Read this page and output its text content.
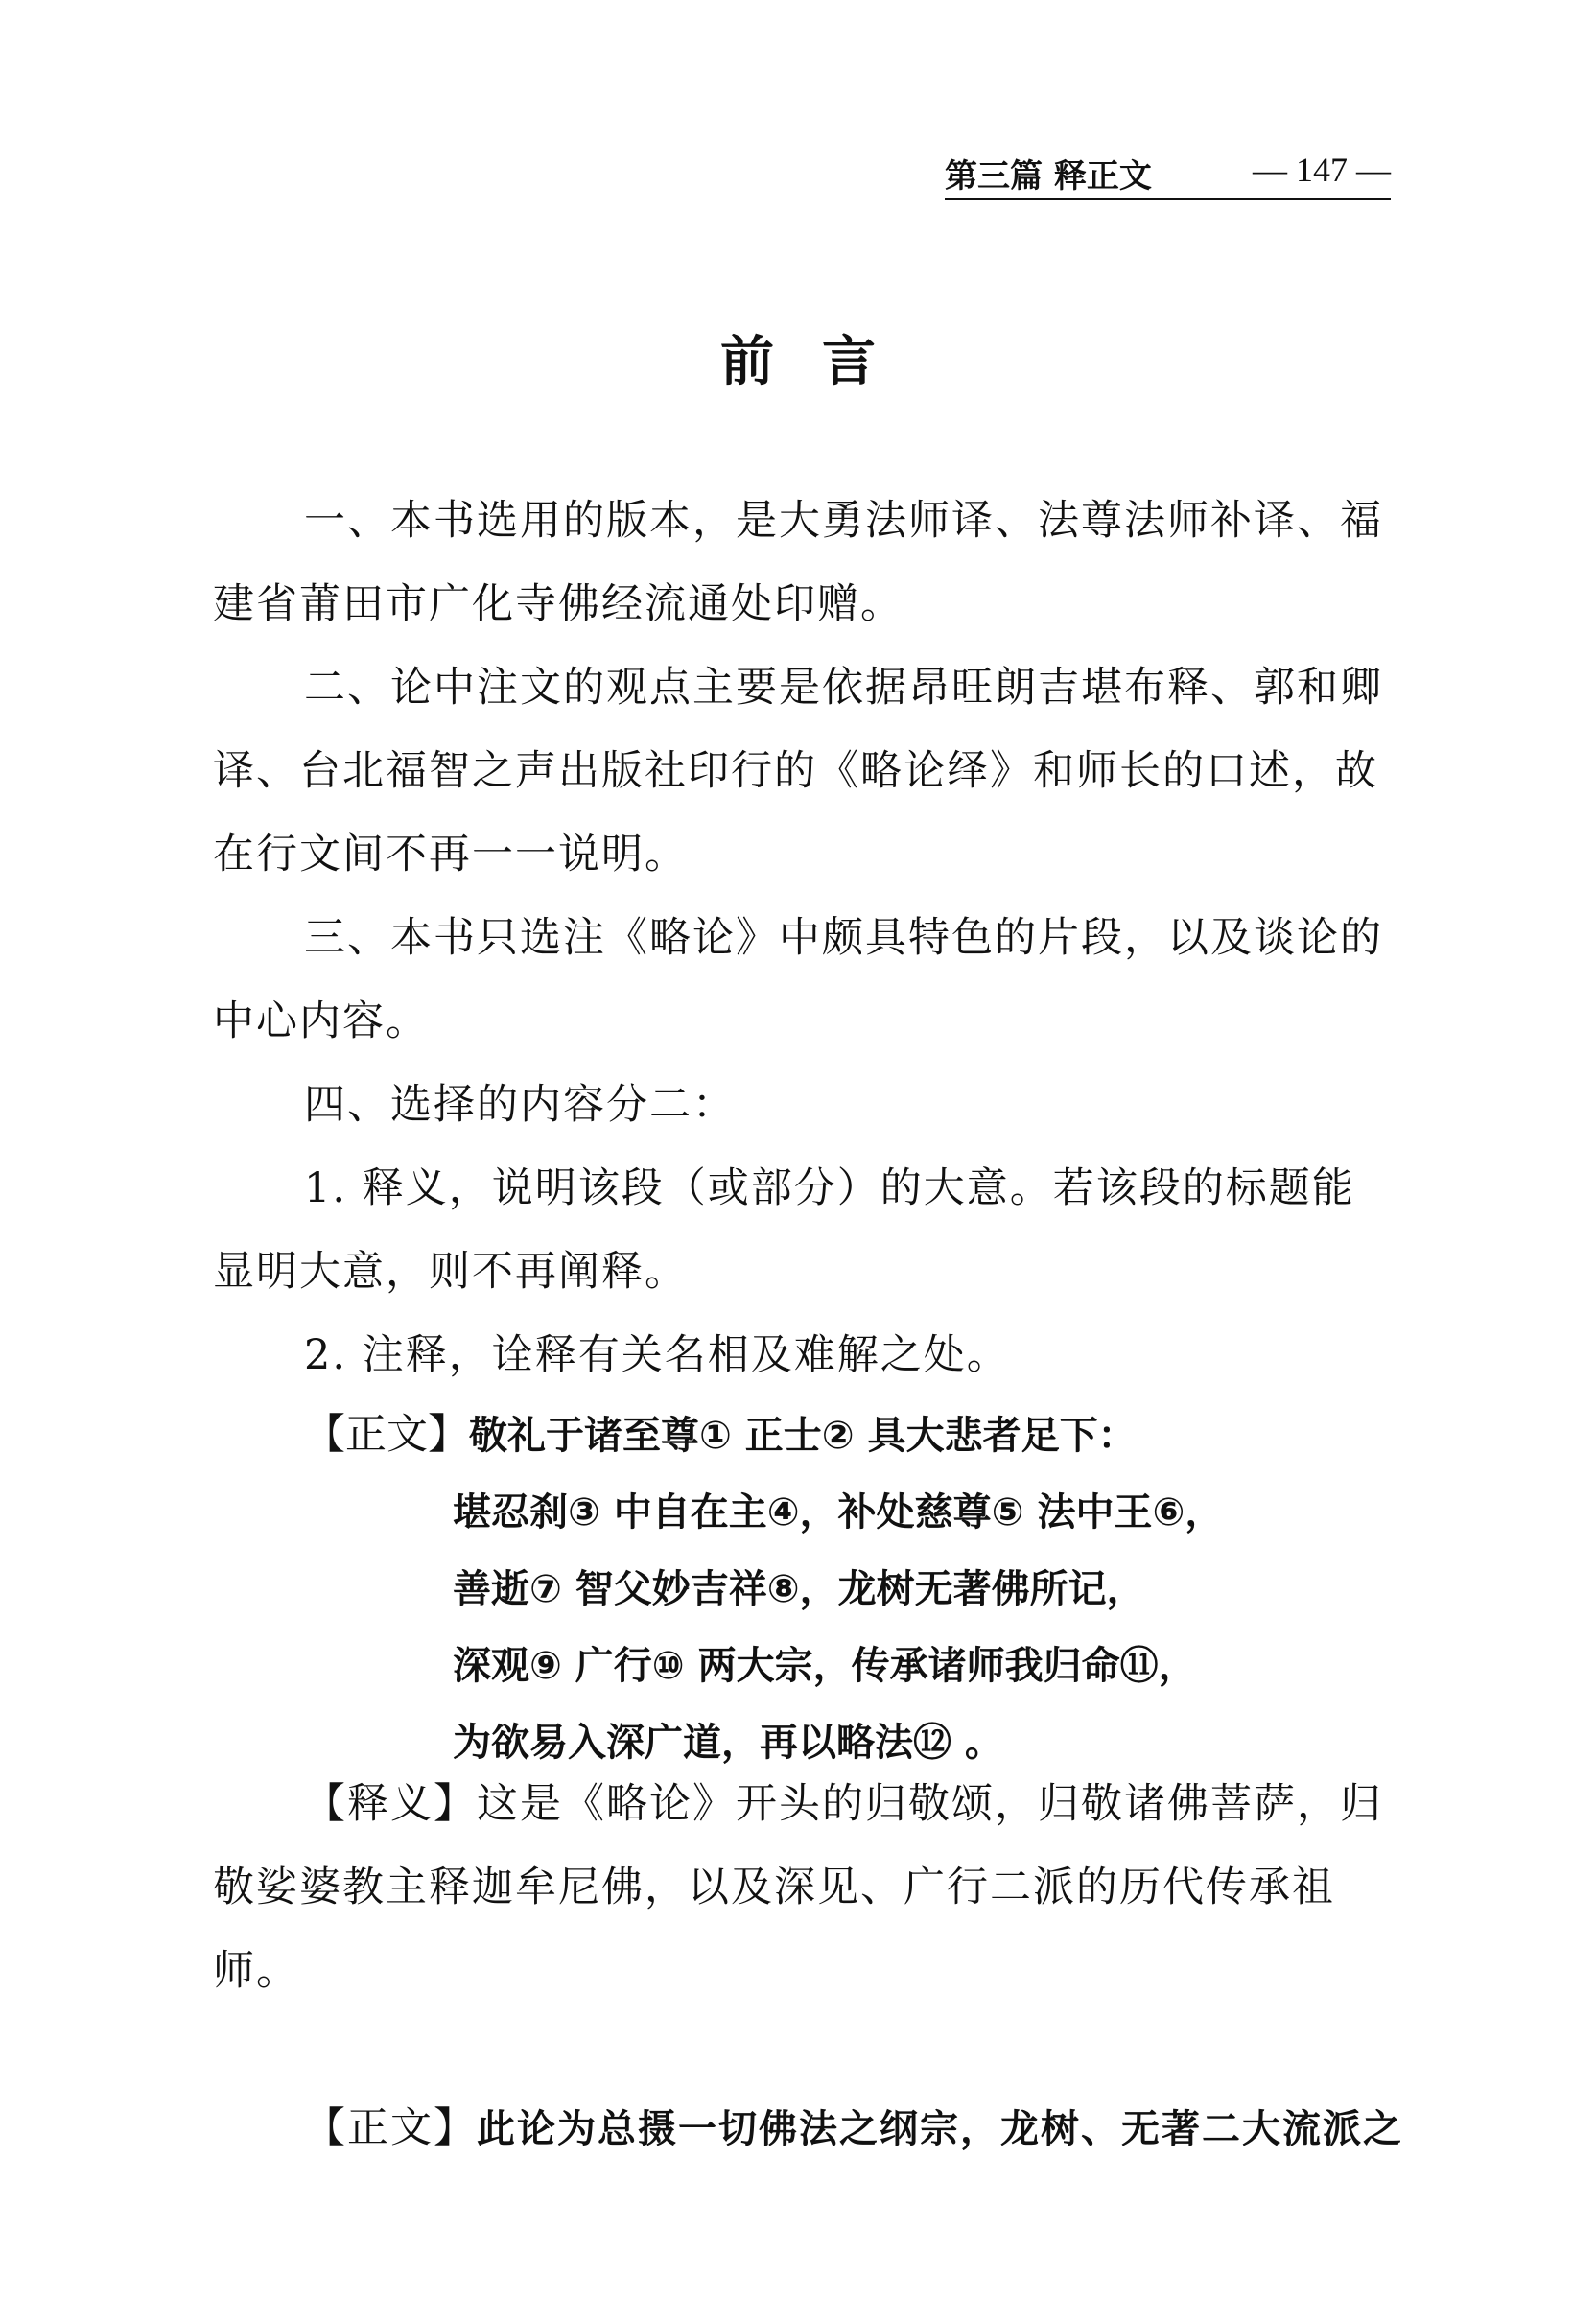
第三篇 释正文	— 147 —
前言
一、本书选用的版本，是大勇法师译、法尊法师补译、福建省莆田市广化寺佛经流通处印赠。
二、论中注文的观点主要是依据昂旺朗吉堪布释、郭和卿译、台北福智之声出版社印行的《略论绎》和师长的口述，故在行文间不再一一说明。
三、本书只选注《略论》中颇具特色的片段，以及谈论的中心内容。
四、选择的内容分二：
1. 释义，说明该段（或部分）的大意。若该段的标题能显明大意，则不再阐释。
2. 注释，诠释有关名相及难解之处。
【正文】敬礼于诸至尊① 正士② 具大悲者足下：
堪忍刹③ 中自在主④，补处慈尊⑤ 法中王⑥，
善逝⑦ 智父妙吉祥⑧，龙树无著佛所记，
深观⑨ 广行⑩ 两大宗，传承诸师我归命⑪，
为欲易入深广道，再以略法⑫ 。
【释义】这是《略论》开头的归敬颂，归敬诸佛菩萨，归敬娑婆教主释迦牟尼佛，以及深见、广行二派的历代传承祖师。
【正文】此论为总摄一切佛法之纲宗，龙树、无著二大流派之
